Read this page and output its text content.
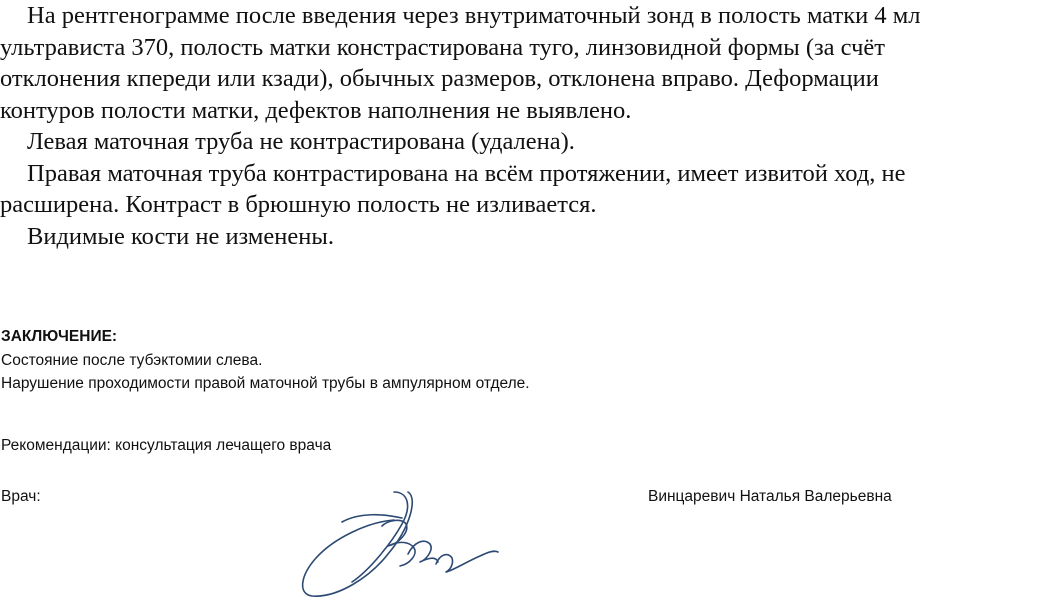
На рентгенограмме после введения через внутриматочный зонд в полость матки 4 мл
ультрависта 370, полость матки констрастирована туго, линзовидной формы (за счёт
отклонения кпереди или кзади), обычных размеров, отклонена вправо. Деформации
контуров полости матки, дефектов наполнения не выявлено.

Левая маточная труба не контрастирована (удалена).

Правая маточная труба контрастирована на всём протяжении, имеет извитой ход, не
расширена. Контраст в брюшную полость не изливается.

Видимые кости не изменены.

ЗАКЛЮЧЕНИЕ:
Состояние после тубэктомии слева.
Нарушение проходимости правой маточной трубы в ампулярном отделе.
Рекомендации: консультация лечащего врача
Врач:	Винцаревич Наталья Валерьевна
